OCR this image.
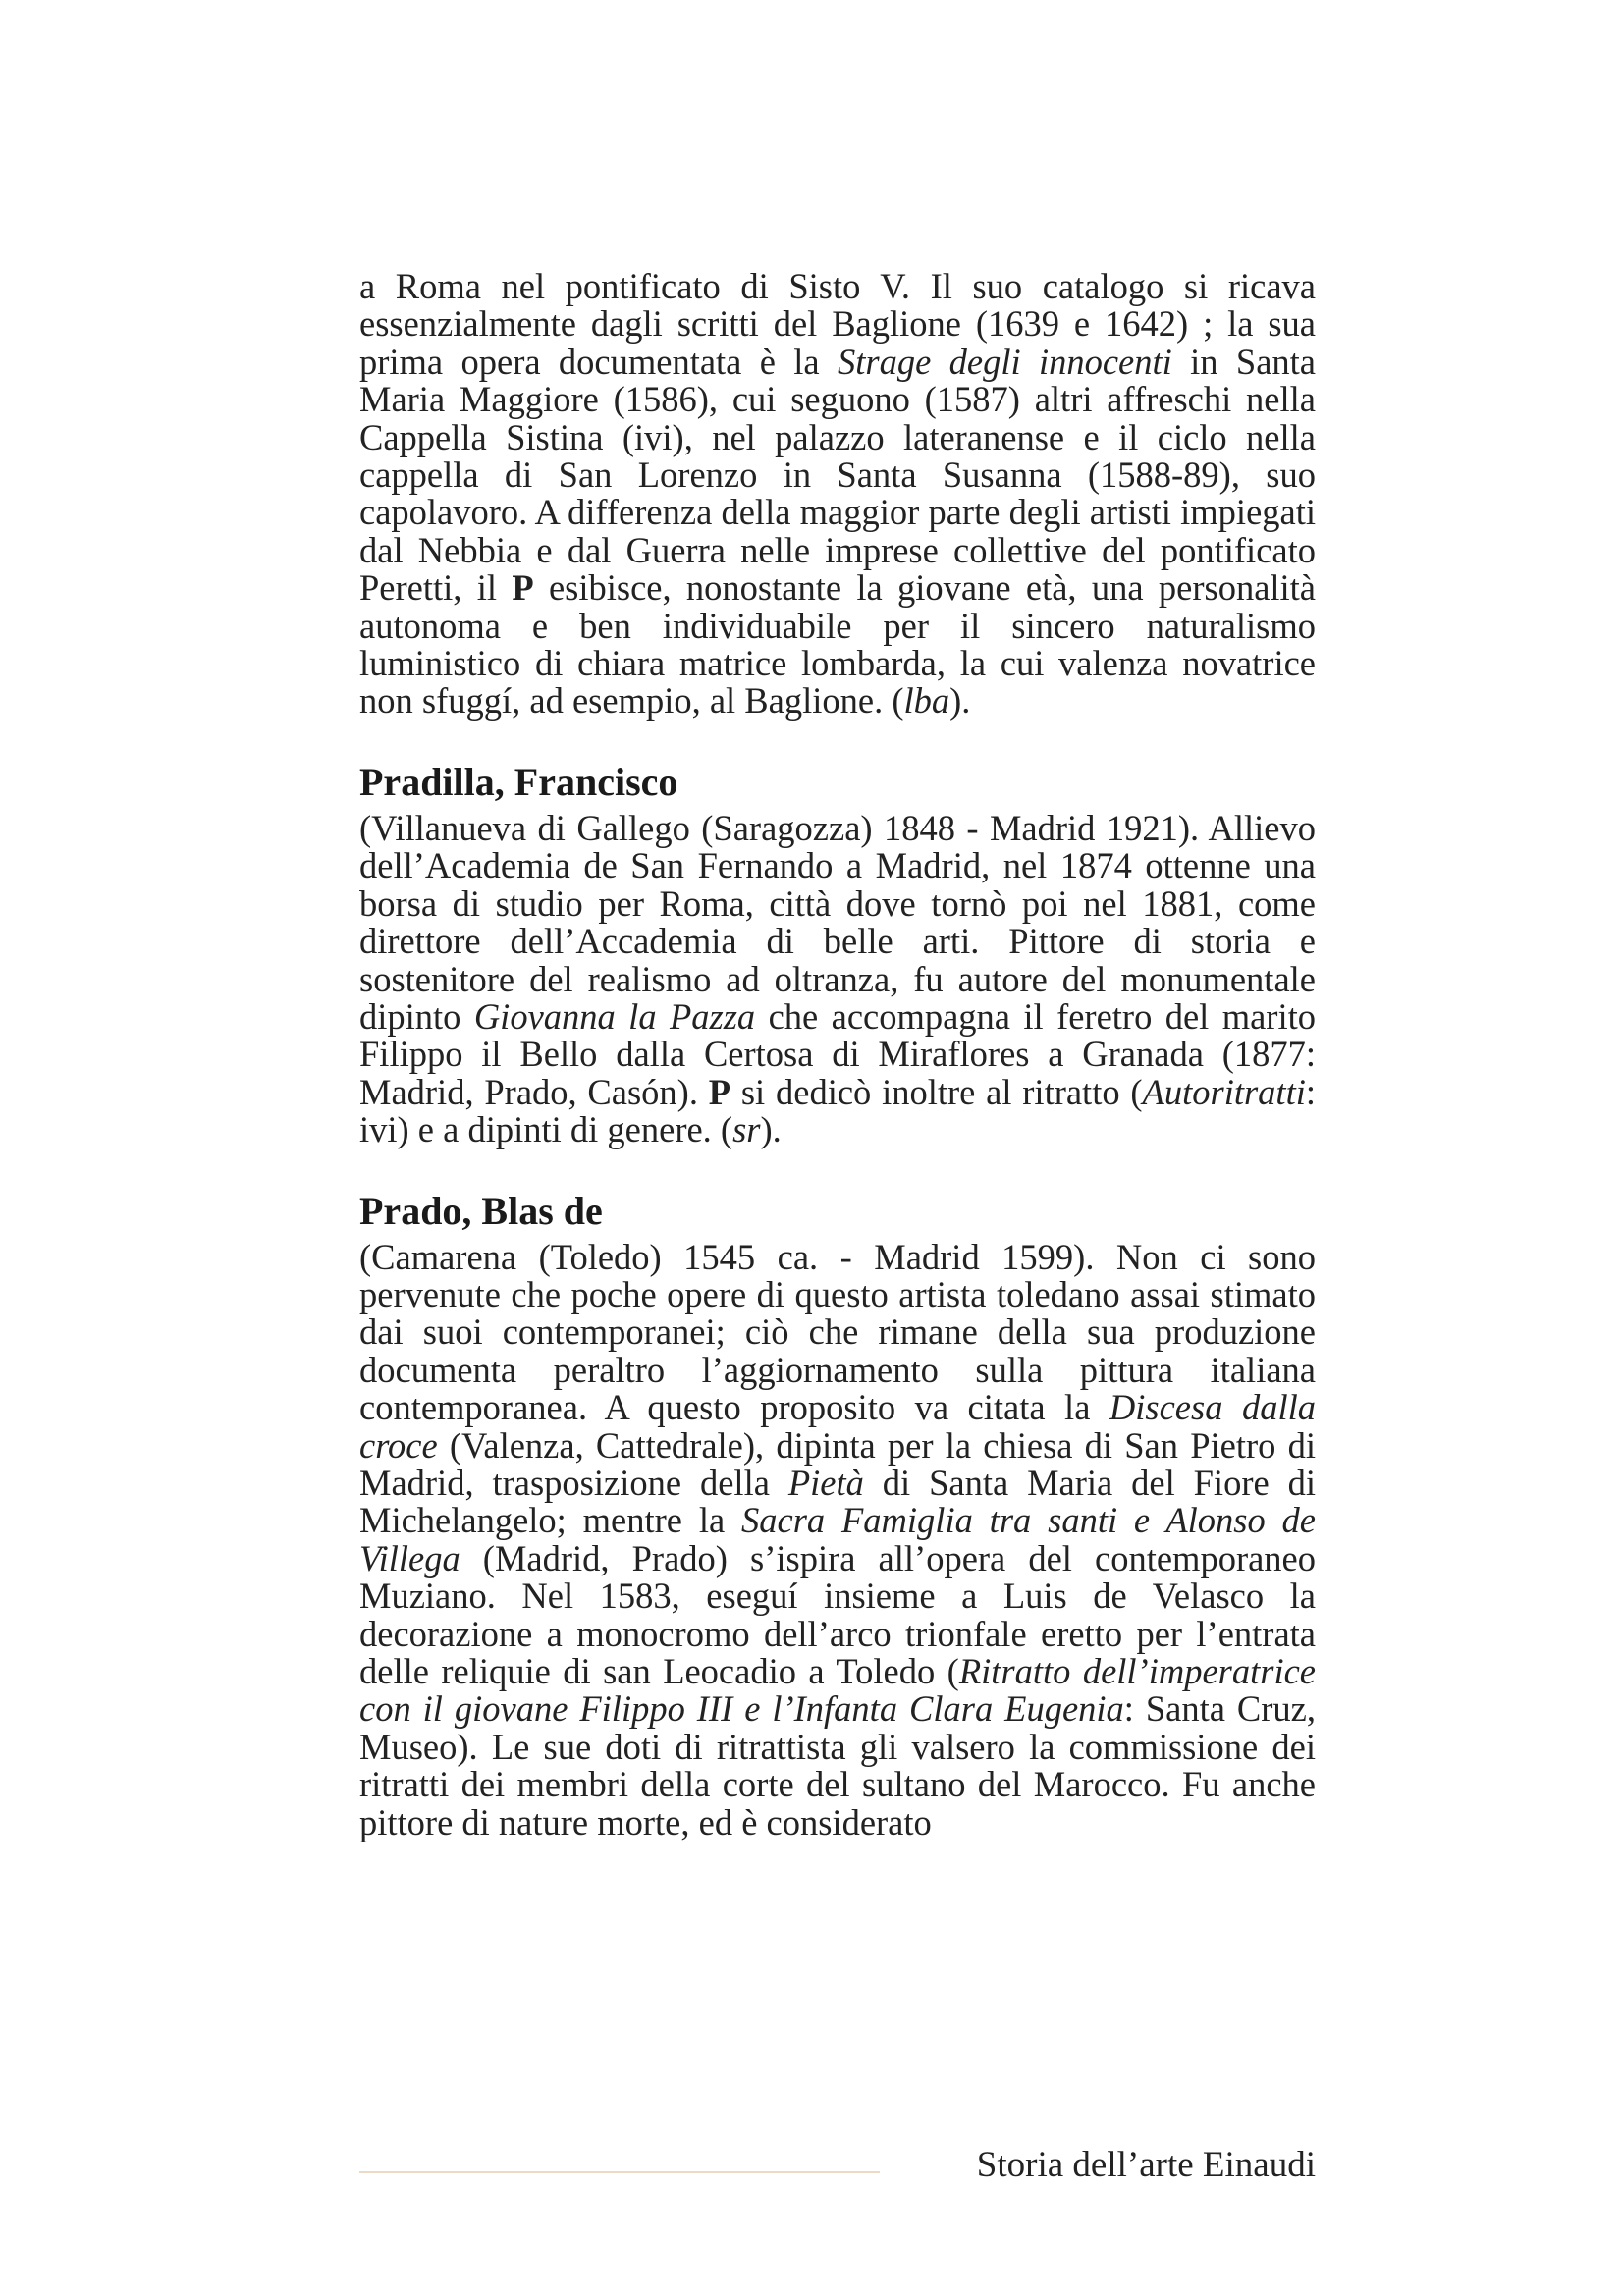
a Roma nel pontificato di Sisto V. Il suo catalogo si ricava essenzialmente dagli scritti del Baglione (1639 e 1642) ; la sua prima opera documentata è la Strage degli innocenti in Santa Maria Maggiore (1586), cui seguono (1587) altri affreschi nella Cappella Sistina (ivi), nel palazzo lateranense e il ciclo nella cappella di San Lorenzo in Santa Susanna (1588-89), suo capolavoro. A differenza della maggior parte degli artisti impiegati dal Nebbia e dal Guerra nelle imprese collettive del pontificato Peretti, il P esibisce, nonostante la giovane età, una personalità autonoma e ben individuabile per il sincero naturalismo luministico di chiara matrice lombarda, la cui valenza novatrice non sfuggí, ad esempio, al Baglione. (lba).

Pradilla, Francisco

(Villanueva di Gallego (Saragozza) 1848 - Madrid 1921). Allievo dell’Academia de San Fernando a Madrid, nel 1874 ottenne una borsa di studio per Roma, città dove tornò poi nel 1881, come direttore dell’Accademia di belle arti. Pittore di storia e sostenitore del realismo ad oltranza, fu autore del monumentale dipinto Giovanna la Pazza che accompagna il feretro del marito Filippo il Bello dalla Certosa di Miraflores a Granada (1877: Madrid, Prado, Casón). P si dedicò inoltre al ritratto (Autoritratti: ivi) e a dipinti di genere. (sr).

Prado, Blas de

(Camarena (Toledo) 1545 ca. - Madrid 1599). Non ci sono pervenute che poche opere di questo artista toledano assai stimato dai suoi contemporanei; ciò che rimane della sua produzione documenta peraltro l’aggiornamento sulla pittura italiana contemporanea. A questo proposito va citata la Discesa dalla croce (Valenza, Cattedrale), dipinta per la chiesa di San Pietro di Madrid, trasposizione della Pietà di Santa Maria del Fiore di Michelangelo; mentre la Sacra Famiglia tra santi e Alonso de Villega (Madrid, Prado) s’ispira all’opera del contemporaneo Muziano. Nel 1583, eseguí insieme a Luis de Velasco la decorazione a monocromo dell’arco trionfale eretto per l’entrata delle reliquie di san Leocadio a Toledo (Ritratto dell’imperatrice con il giovane Filippo III e l’Infanta Clara Eugenia: Santa Cruz, Museo). Le sue doti di ritrattista gli valsero la commissione dei ritratti dei membri della corte del sultano del Marocco. Fu anche pittore di nature morte, ed è considerato

Storia dell’arte Einaudi
